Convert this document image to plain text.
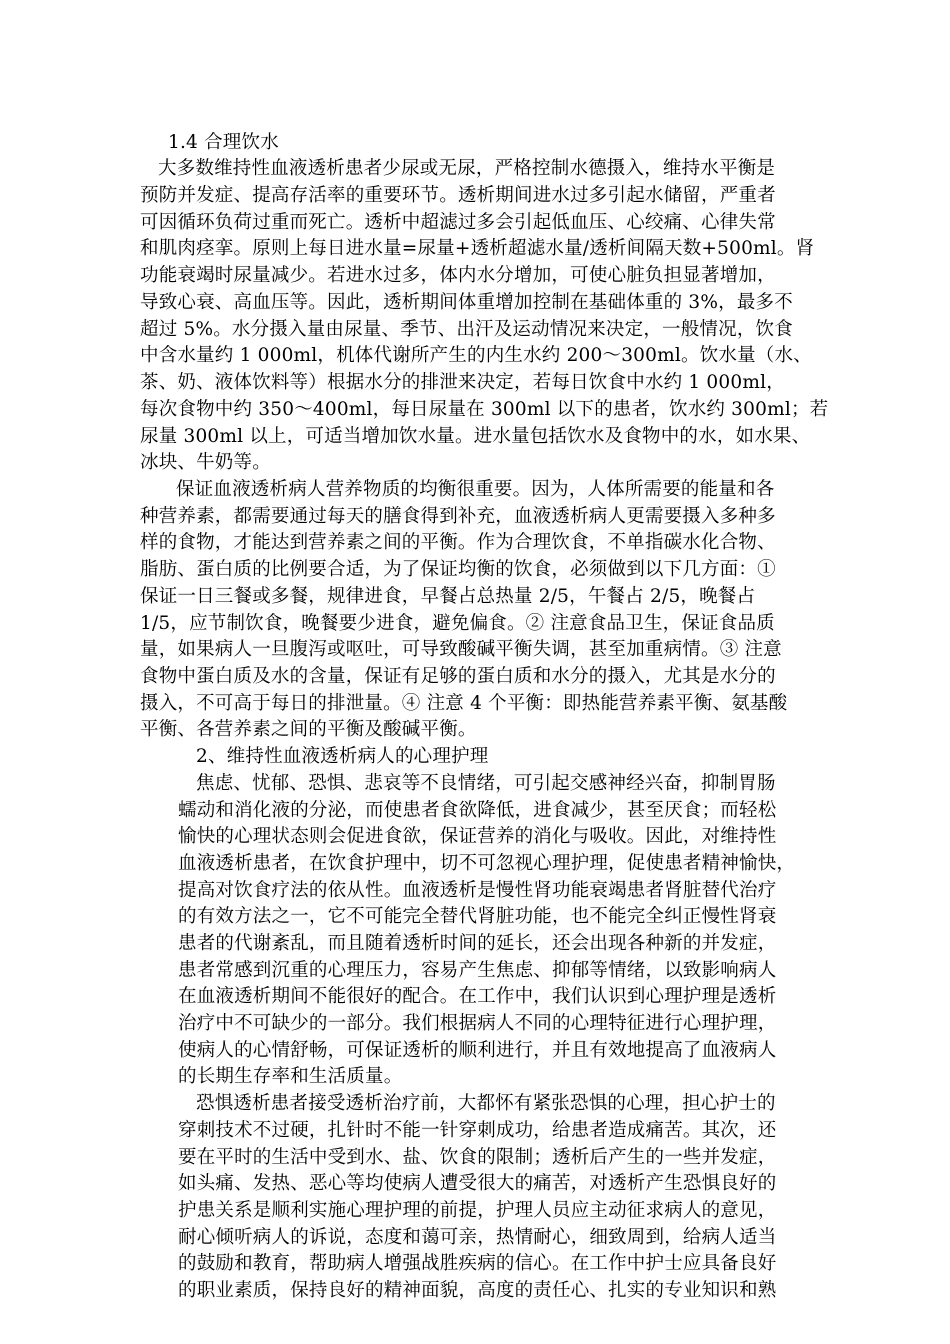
1.4 合理饮水
大多数维持性血液透析患者少尿或无尿，严格控制水德摄入，维持水平衡是
预防并发症、提高存活率的重要环节。透析期间进水过多引起水储留，严重者
可因循环负荷过重而死亡。透析中超滤过多会引起低血压、心绞痛、心律失常
和肌肉痉挛。原则上每日进水量=尿量+透析超滤水量/透析间隔天数+500ml。肾
功能衰竭时尿量减少。若进水过多，体内水分增加，可使心脏负担显著增加，
导致心衰、高血压等。因此，透析期间体重增加控制在基础体重的 3%，最多不
超过 5%。水分摄入量由尿量、季节、出汗及运动情况来决定，一般情况，饮食
中含水量约 1 000ml，机体代谢所产生的内生水约 200～300ml。饮水量（水、
茶、奶、液体饮料等）根据水分的排泄来决定，若每日饮食中水约 1 000ml，
每次食物中约 350～400ml，每日尿量在 300ml 以下的患者，饮水约 300ml；若
尿量 300ml 以上，可适当增加饮水量。进水量包括饮水及食物中的水，如水果、
冰块、牛奶等。
保证血液透析病人营养物质的均衡很重要。因为，人体所需要的能量和各
种营养素，都需要通过每天的膳食得到补充，血液透析病人更需要摄入多种多
样的食物，才能达到营养素之间的平衡。作为合理饮食，不单指碳水化合物、
脂肪、蛋白质的比例要合适，为了保证均衡的饮食，必须做到以下几方面：①
保证一日三餐或多餐，规律进食，早餐占总热量 2/5，午餐占 2/5，晚餐占
1/5，应节制饮食，晚餐要少进食，避免偏食。② 注意食品卫生，保证食品质
量，如果病人一旦腹泻或呕吐，可导致酸碱平衡失调，甚至加重病情。③ 注意
食物中蛋白质及水的含量，保证有足够的蛋白质和水分的摄入，尤其是水分的
摄入，不可高于每日的排泄量。④ 注意 4 个平衡：即热能营养素平衡、氨基酸
平衡、各营养素之间的平衡及酸碱平衡。
2、维持性血液透析病人的心理护理
焦虑、忧郁、恐惧、悲哀等不良情绪，可引起交感神经兴奋，抑制胃肠
蠕动和消化液的分泌，而使患者食欲降低，进食减少，甚至厌食；而轻松
愉快的心理状态则会促进食欲，保证营养的消化与吸收。因此，对维持性
血液透析患者，在饮食护理中，切不可忽视心理护理，促使患者精神愉快，
提高对饮食疗法的依从性。血液透析是慢性肾功能衰竭患者肾脏替代治疗
的有效方法之一，它不可能完全替代肾脏功能，也不能完全纠正慢性肾衰
患者的代谢紊乱，而且随着透析时间的延长，还会出现各种新的并发症，
患者常感到沉重的心理压力，容易产生焦虑、抑郁等情绪，以致影响病人
在血液透析期间不能很好的配合。在工作中，我们认识到心理护理是透析
治疗中不可缺少的一部分。我们根据病人不同的心理特征进行心理护理，
使病人的心情舒畅，可保证透析的顺利进行，并且有效地提高了血液病人
的长期生存率和生活质量。
恐惧透析患者接受透析治疗前，大都怀有紧张恐惧的心理，担心护士的
穿刺技术不过硬，扎针时不能一针穿刺成功，给患者造成痛苦。其次，还
要在平时的生活中受到水、盐、饮食的限制；透析后产生的一些并发症，
如头痛、发热、恶心等均使病人遭受很大的痛苦，对透析产生恐惧良好的
护患关系是顺利实施心理护理的前提，护理人员应主动征求病人的意见，
耐心倾听病人的诉说，态度和蔼可亲，热情耐心，细致周到，给病人适当
的鼓励和教育，帮助病人增强战胜疾病的信心。在工作中护士应具备良好
的职业素质，保持良好的精神面貌，高度的责任心、扎实的专业知识和熟
